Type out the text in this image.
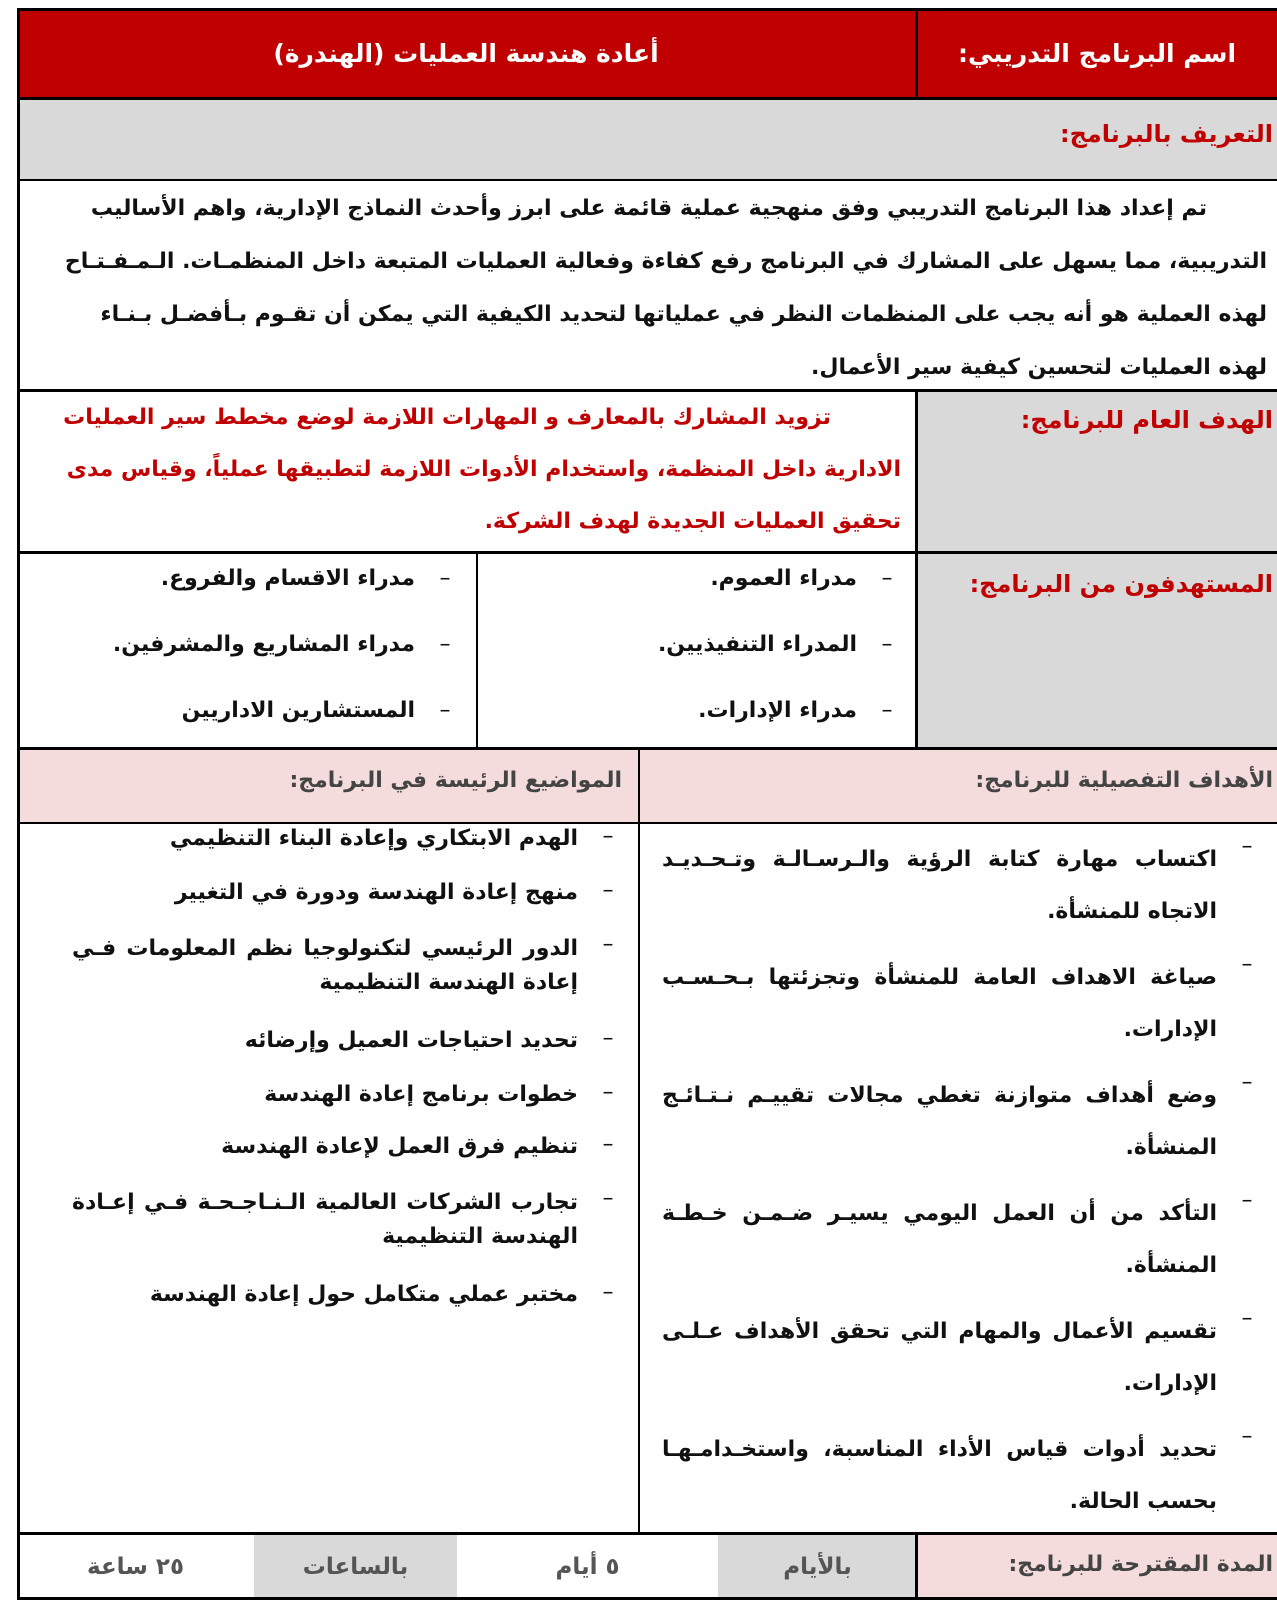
اسم البرنامج التدريبي:
أعادة هندسة العمليات (الهندرة)
التعريف بالبرنامج:
تم إعداد هذا البرنامج التدريبي وفق منهجية عملية قائمة على ابرز وأحدث النماذج الإدارية، واهم الأساليب
التدريبية، مما يسهل على المشارك في البرنامج رفع كفاءة وفعالية العمليات المتبعة داخل المنظمـات. الـمـفـتـاح
لهذه العملية هو أنه يجب على المنظمات النظر في عملياتها لتحديد الكيفية التي يمكن أن تقـوم بـأفضـل بـنـاء
لهذه العمليات لتحسين كيفية سير الأعمال.
الهدف العام للبرنامج:
تزويد المشارك بالمعارف و المهارات اللازمة لوضع مخطط سير العمليات
الادارية داخل المنظمة، واستخدام الأدوات اللازمة لتطبيقها عملياً، وقياس مدى
تحقيق العمليات الجديدة لهدف الشركة.
المستهدفون من البرنامج:
–
مدراء العموم.
–
المدراء التنفيذيين.
–
مدراء الإدارات.
–
مدراء الاقسام والفروع.
–
مدراء المشاريع والمشرفين.
–
المستشارين الاداريين
الأهداف التفصيلية للبرنامج:
المواضيع الرئيسة في البرنامج:
–
اكتساب مهارة كتابة الرؤية والـرسـالـة وتـحـديـد
الاتجاه للمنشأة.
–
صياغة الاهداف العامة للمنشأة وتجزئتها بـحـسـب
الإدارات.
–
وضع أهداف متوازنة تغطي مجالات تقييـم نـتـائـج
المنشأة.
–
التأكد من أن العمل اليومي يسيـر ضـمـن خـطـة
المنشأة.
–
تقسيم الأعمال والمهام التي تحقق الأهداف عـلـى
الإدارات.
–
تحديد أدوات قياس الأداء المناسبة، واستخـدامـهـا
بحسب الحالة.
–
الهدم الابتكاري وإعادة البناء التنظيمي
–
منهج إعادة الهندسة ودورة في التغيير
–
الدور الرئيسي لتكنولوجيا نظم المعلومات فـي
إعادة الهندسة التنظيمية
–
تحديد احتياجات العميل وإرضائه
–
خطوات برنامج إعادة الهندسة
–
تنظيم فرق العمل لإعادة الهندسة
–
تجارب الشركات العالمية الـنـاجـحـة فـي إعـادة
الهندسة التنظيمية
–
مختبر عملي متكامل حول إعادة الهندسة
المدة المقترحة للبرنامج:
بالأيام
٥ أيام
بالساعات
٢٥ ساعة
